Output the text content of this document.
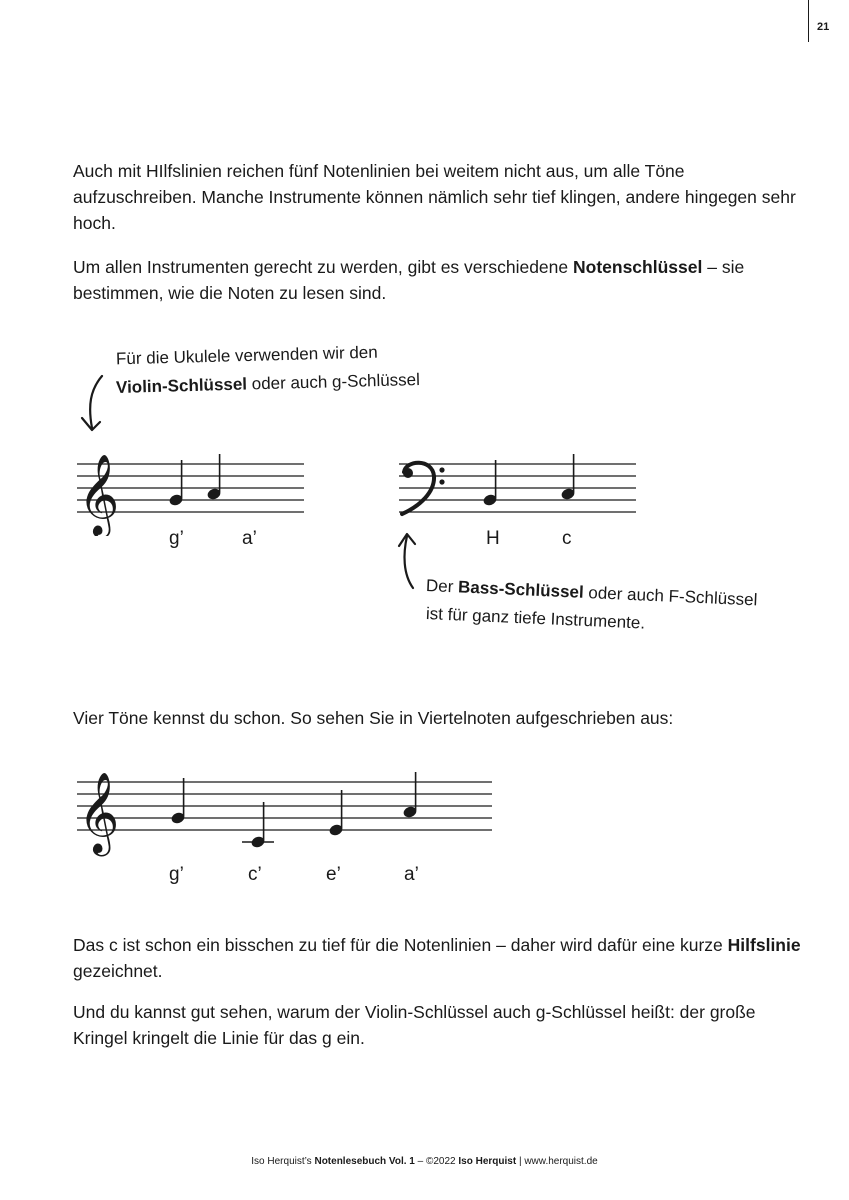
21

Auch mit HIlfslinien reichen fünf Notenlinien bei weitem nicht aus, um alle Töne aufzuschreiben. Manche Instrumente können nämlich sehr tief klingen, andere hingegen sehr hoch.

Um allen Instrumenten gerecht zu werden, gibt es verschiedene Notenschlüssel – sie bestimmen, wie die Noten zu lesen sind.

Für die Ukulele verwenden wir den
Violin-Schlüssel oder auch g-Schlüssel
𝄞
g’	a’	H	c
Der Bass-Schlüssel oder auch F-Schlüssel
ist für ganz tiefe Instrumente.

Vier Töne kennst du schon. So sehen Sie in Viertelnoten aufgeschrieben aus:

𝄞
g’	c’	e’	a’

Das c ist schon ein bisschen zu tief für die Notenlinien – daher wird dafür eine kurze Hilfslinie gezeichnet.

Und du kannst gut sehen, warum der Violin-Schlüssel auch g-Schlüssel heißt: der große Kringel kringelt die Linie für das g ein.

Iso Herquist’s Notenlesebuch Vol. 1 – ©2022 Iso Herquist | www.herquist.de
